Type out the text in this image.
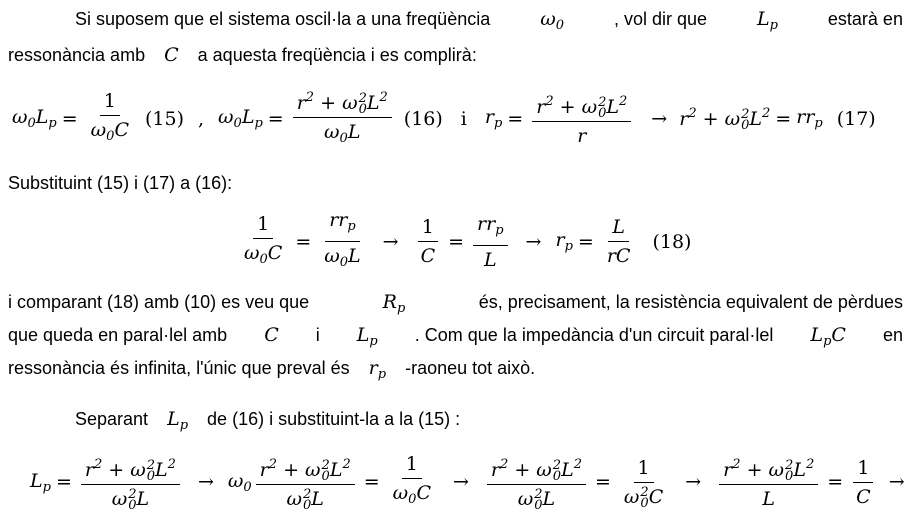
Si suposem que el sistema oscil·la a una freqüència	$\omega_0$	, vol dir que	$L_p$	estarà en
ressonància amb C a aquesta freqüència i es complirà:
$\omega_0L_p = \frac{1}{\omega_0C} (15)$ , $\omega_0L_p = r^2 + \omega$ 2
0 $L^2$
$\omega_0L$ (16) i $r_p = r^2 + \omega$ 2
0 $L^2$
$r \to r^2 + \omega$ 2
0 $L^2 = rr_p$ (17)
Substituint (15) i (17) a (16):
$\frac{1}{\omega_0C} = \frac{rr_p}{\omega_0L} \to \frac{1}{C} = \frac{rr_p}{L} \to r_p = \frac{L}{rC} (18)$
i comparant (18) amb (10) es veu que	$R_p$	és, precisament, la resistència equivalent de pèrdues
que queda en paral·lel amb	C	i	$L_p$	. Com que la impedància d'un circuit paral·lel	$L_pC$	en
ressonància és infinita, l'únic que preval és $r_p$ -raoneu tot això.
Separant $L_p$ de (16) i substituint-la a la (15) :
$L_p = r^2 + \omega$ 2
0 $L^2$
ω 2
0 $L \to \omega_0$ $r^2 + \omega$ 2
0 $L^2$
ω 2
0 $L = \frac{1}{\omega_0C} \to r^2 + \omega$ 2
0 $L^2$
ω 2
0 L = 1
ω 2
0 $C \to r^2 + \omega$ 2
0 $L^2$
$L = \frac{1}{C}$ →
